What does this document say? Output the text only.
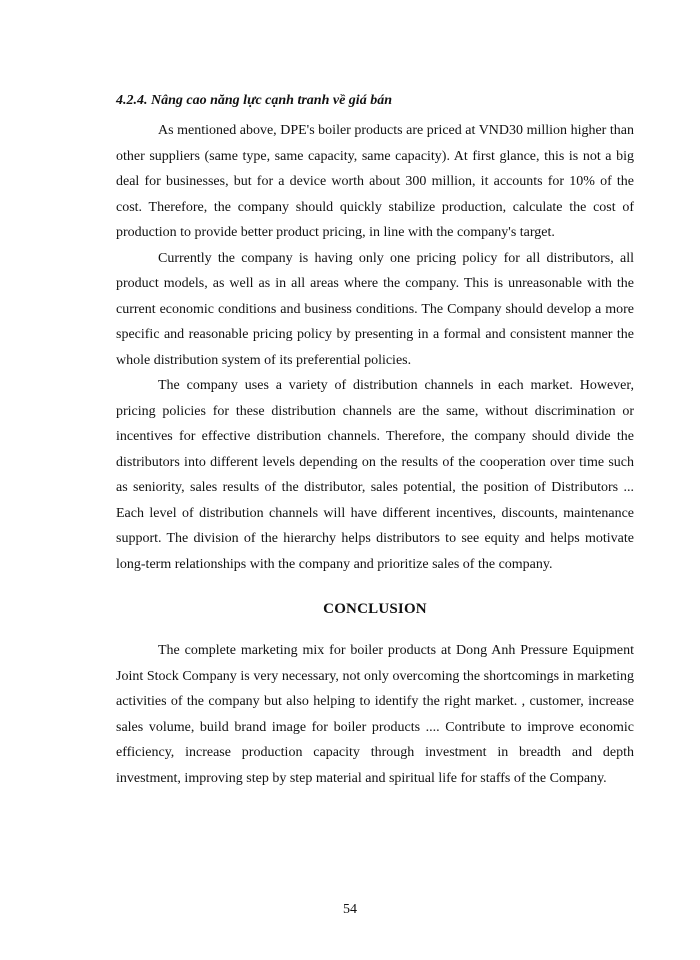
4.2.4. Nâng cao năng lực cạnh tranh về giá bán

As mentioned above, DPE's boiler products are priced at VND30 million higher than other suppliers (same type, same capacity, same capacity). At first glance, this is not a big deal for businesses, but for a device worth about 300 million, it accounts for 10% of the cost. Therefore, the company should quickly stabilize production, calculate the cost of production to provide better product pricing, in line with the company's target.

Currently the company is having only one pricing policy for all distributors, all product models, as well as in all areas where the company. This is unreasonable with the current economic conditions and business conditions. The Company should develop a more specific and reasonable pricing policy by presenting in a formal and consistent manner the whole distribution system of its preferential policies.

The company uses a variety of distribution channels in each market. However, pricing policies for these distribution channels are the same, without discrimination or incentives for effective distribution channels. Therefore, the company should divide the distributors into different levels depending on the results of the cooperation over time such as seniority, sales results of the distributor, sales potential, the position of Distributors ... Each level of distribution channels will have different incentives, discounts, maintenance support. The division of the hierarchy helps distributors to see equity and helps motivate long-term relationships with the company and prioritize sales of the company.

CONCLUSION

The complete marketing mix for boiler products at Dong Anh Pressure Equipment Joint Stock Company is very necessary, not only overcoming the shortcomings in marketing activities of the company but also helping to identify the right market. , customer, increase sales volume, build brand image for boiler products .... Contribute to improve economic efficiency, increase production capacity through investment in breadth and depth investment, improving step by step material and spiritual life for staffs of the Company.

54
